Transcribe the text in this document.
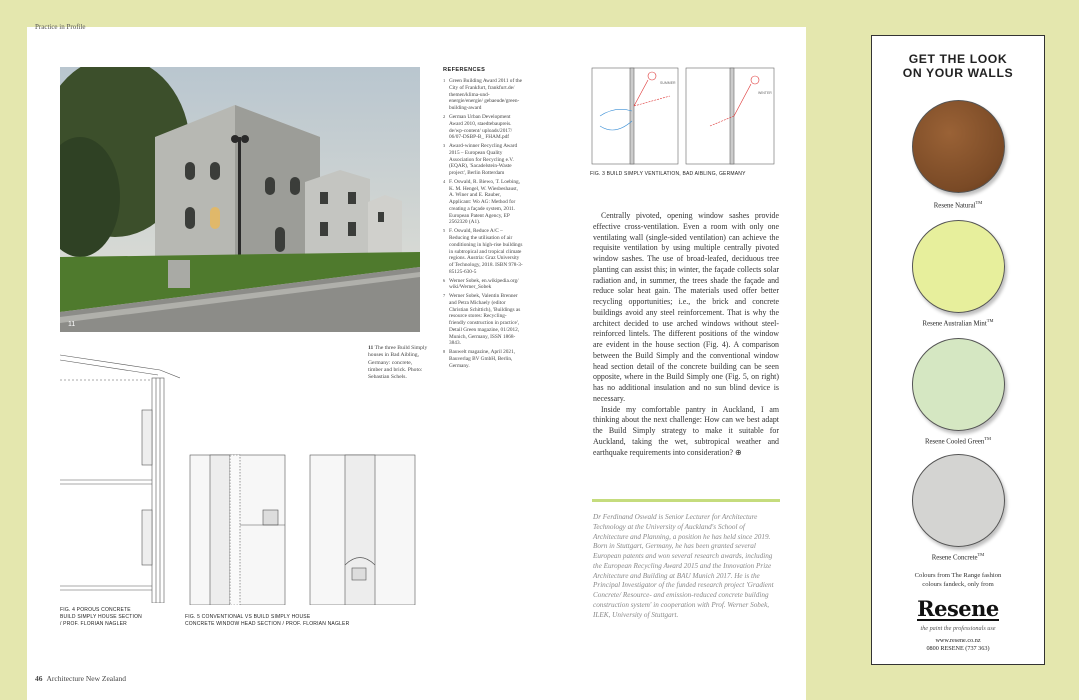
Practice in Profile
11
11 The three Build Simply houses in Bad Aibling, Germany: concrete, timber and brick. Photo: Sebastian Schels.
FIG. 4 POROUS CONCRETE
BUILD SIMPLY HOUSE SECTION
/ PROF. FLORIAN NAGLER
FIG. 5 CONVENTIONAL VS BUILD SIMPLY HOUSE
CONCRETE WINDOW HEAD SECTION / PROF. FLORIAN NAGLER
REFERENCES
1 Green Building Award 2011 of the City of Frankfurt, frankfurt.de/ themen/klima-und-energie/energie/ gebaeude/green-building-award
2 German Urban Development Award 2010, staedtebaupreis. de/wp-content/ uploads/2017/ 06/07-DSBP-B_ FHAM.pdf
3 Award-winner Recycling Award 2015 – European Quality Association for Recycling e.V. (EQAR), 'Sacadelstein-Waste project', Berlin Rotterdam
4 F. Oswald, R. Biewo, T. Loebing, K. M. Hengel, W. Wiesbeshaust, A. Winer and E. Rauber, Applicant: Wo AG: Method for creating a façade system, 2011. European Patent Agency, EP 2562320 (A1).
5 F. Oswald, Reduce A/C – Reducing the utilisation of air conditioning in high-rise buildings in subtropical and tropical climate regions. Austria: Graz University of Technology, 2018. ISBN 978-3-85125-630-5
6 Werner Sobek, en.wikipedia.org/ wiki/Werner_Sobek
7 Werner Sobek, Valentin Brenner and Petra Michaely (editor Christian Schittich), 'Buildings as resource stores: Recycling-friendly construction in practice', Detail Green magazine, 01/2012, Munich, Germany, ISSN 1868-3843.
8 Bauwelt magazine, April 2021, Bauverlag BV GmbH, Berlin, Germany.
SUMMER
WINTER
FIG. 3 BUILD SIMPLY VENTILATION, BAD AIBLING, GERMANY

Centrally pivoted, opening window sashes provide effective cross-ventilation. Even a room with only one ventilating wall (single-sided ventilation) can achieve the requisite ventilation by using multiple centrally pivoted window sashes. The use of broad-leafed, deciduous tree planting can assist this; in winter, the façade collects solar radiation and, in summer, the trees shade the façade and reduce solar heat gain. The materials used offer better recycling opportunities; i.e., the brick and concrete buildings avoid any steel reinforcement. That is why the architect decided to use arched windows without steel-reinforced lintels. The different positions of the window are evident in the house section (Fig. 4). A comparison between the Build Simply and the conventional window head section detail of the concrete building can be seen opposite, where in the Build Simply one (Fig. 5, on right) has no additional insulation and no sun blind device is necessary.

Inside my comfortable pantry in Auckland, I am thinking about the next challenge: How can we best adapt the Build Simply strategy to make it suitable for Auckland, taking the wet, subtropical weather and earthquake requirements into consideration? ⊕

Dr Ferdinand Oswald is Senior Lecturer for Architecture Technology at the University of Auckland's School of Architecture and Planning, a position he has held since 2019. Born in Stuttgart, Germany, he has been granted several European patents and won several research awards, including the European Recycling Award 2015 and the Innovation Prize Architecture and Building at BAU Munich 2017. He is the Principal Investigator of the funded research project 'Gradient Concrete/ Resource- and emission-reduced concrete building construction system' in cooperation with Prof. Werner Sobek, ILEK, University of Stuttgart.
46 Architecture New Zealand
GET THE LOOK
ON YOUR WALLS
Resene Natural™
Resene Australian Mint™
Resene Cooled Green™
Resene Concrete™
Colours from The Range fashion
colours fandeck, only from
Resene
the paint the professionals use
www.resene.co.nz
0800 RESENE (737 363)
